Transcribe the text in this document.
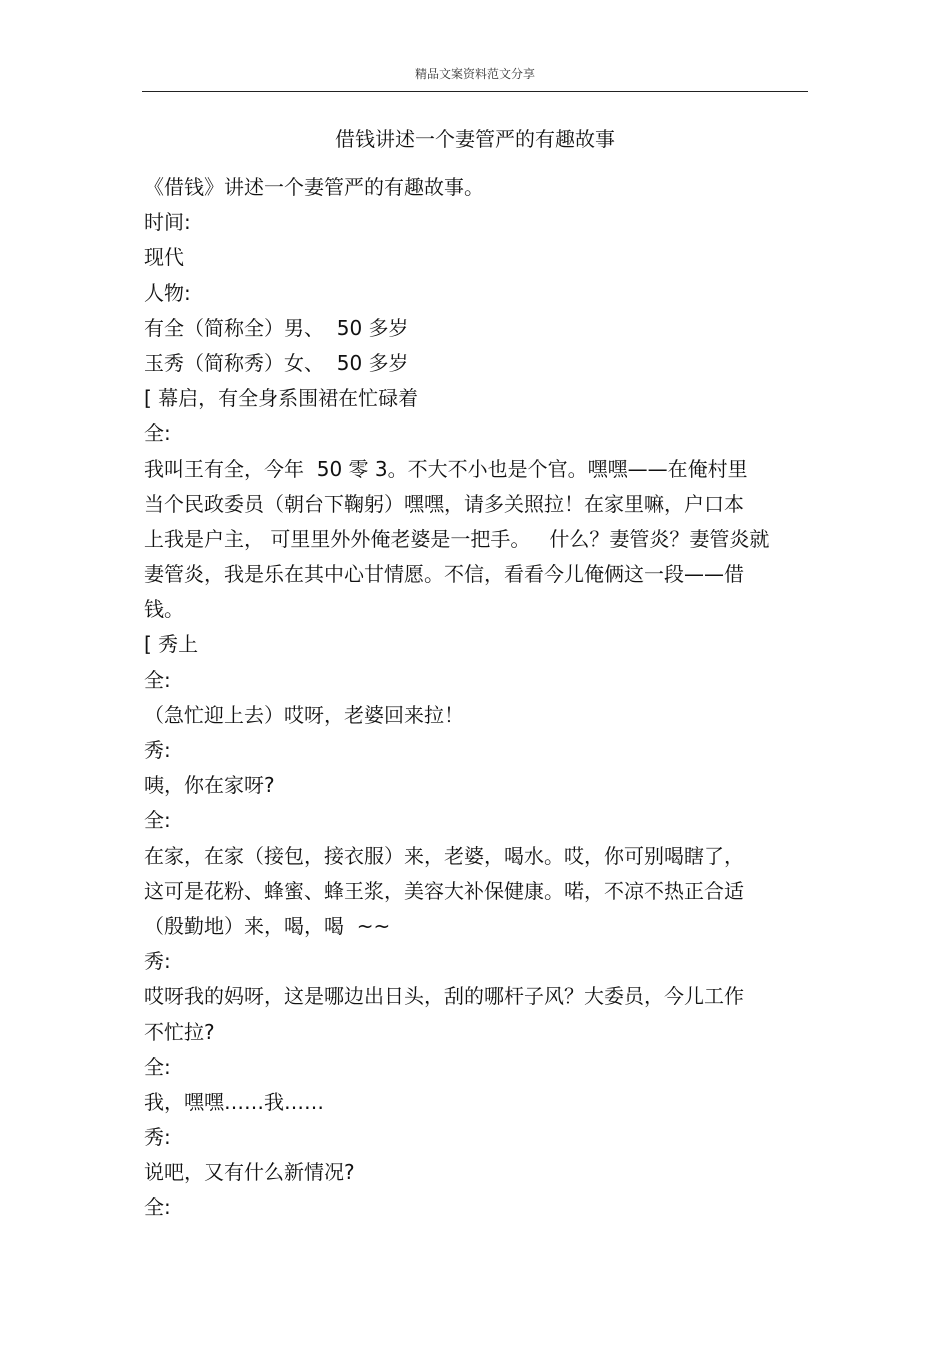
精品文案资料范文分享
借钱讲述一个妻管严的有趣故事
《借钱》讲述一个妻管严的有趣故事。
时间:
现代
人物:
有全（简称全）男、  50 多岁
玉秀（简称秀）女、  50 多岁
[ 幕启，有全身系围裙在忙碌着
全:
我叫王有全，今年  50 零 3。不大不小也是个官。嘿嘿——在俺村里
当个民政委员（朝台下鞠躬）嘿嘿，请多关照拉！在家里嘛，户口本
上我是户主， 可里里外外俺老婆是一把手。   什么？妻管炎？妻管炎就
妻管炎，我是乐在其中心甘情愿。不信，看看今儿俺俩这一段——借
钱。
[ 秀上
全:
（急忙迎上去）哎呀，老婆回来拉！
秀:
咦，你在家呀?
全:
在家，在家（接包，接衣服）来，老婆，喝水。哎，你可别喝瞎了，
这可是花粉、蜂蜜、蜂王浆，美容大补保健康。喏，不凉不热正合适
（殷勤地）来，喝，喝  ~~
秀:
哎呀我的妈呀，这是哪边出日头，刮的哪杆子风？大委员，今儿工作
不忙拉?
全:
我，嘿嘿……我……
秀:
说吧，又有什么新情况?
全:
